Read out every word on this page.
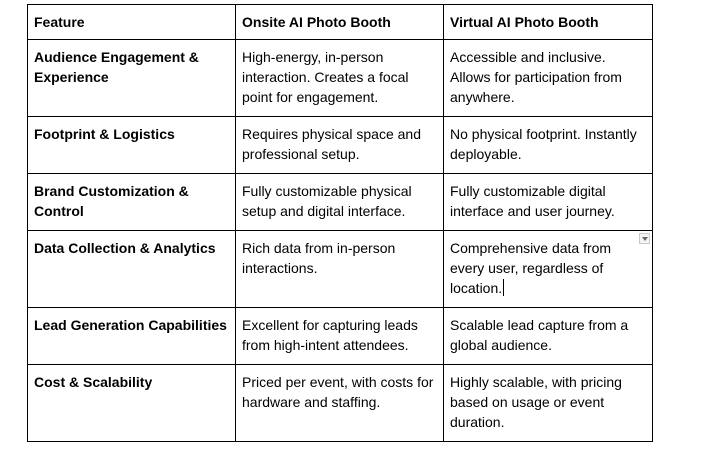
Feature	Onsite AI Photo Booth	Virtual AI Photo Booth
Audience Engagement & Experience	High-energy, in-person interaction. Creates a focal point for engagement.	Accessible and inclusive. Allows for participation from anywhere.
Footprint & Logistics	Requires physical space and professional setup.	No physical footprint. Instantly deployable.
Brand Customization & Control	Fully customizable physical setup and digital interface.	Fully customizable digital interface and user journey.
Data Collection & Analytics	Rich data from in-person interactions.	Comprehensive data from every user, regardless of location.

Lead Generation Capabilities	Excellent for capturing leads from high-intent attendees.	Scalable lead capture from a global audience.
Cost & Scalability	Priced per event, with costs for hardware and staffing.	Highly scalable, with pricing based on usage or event duration.
